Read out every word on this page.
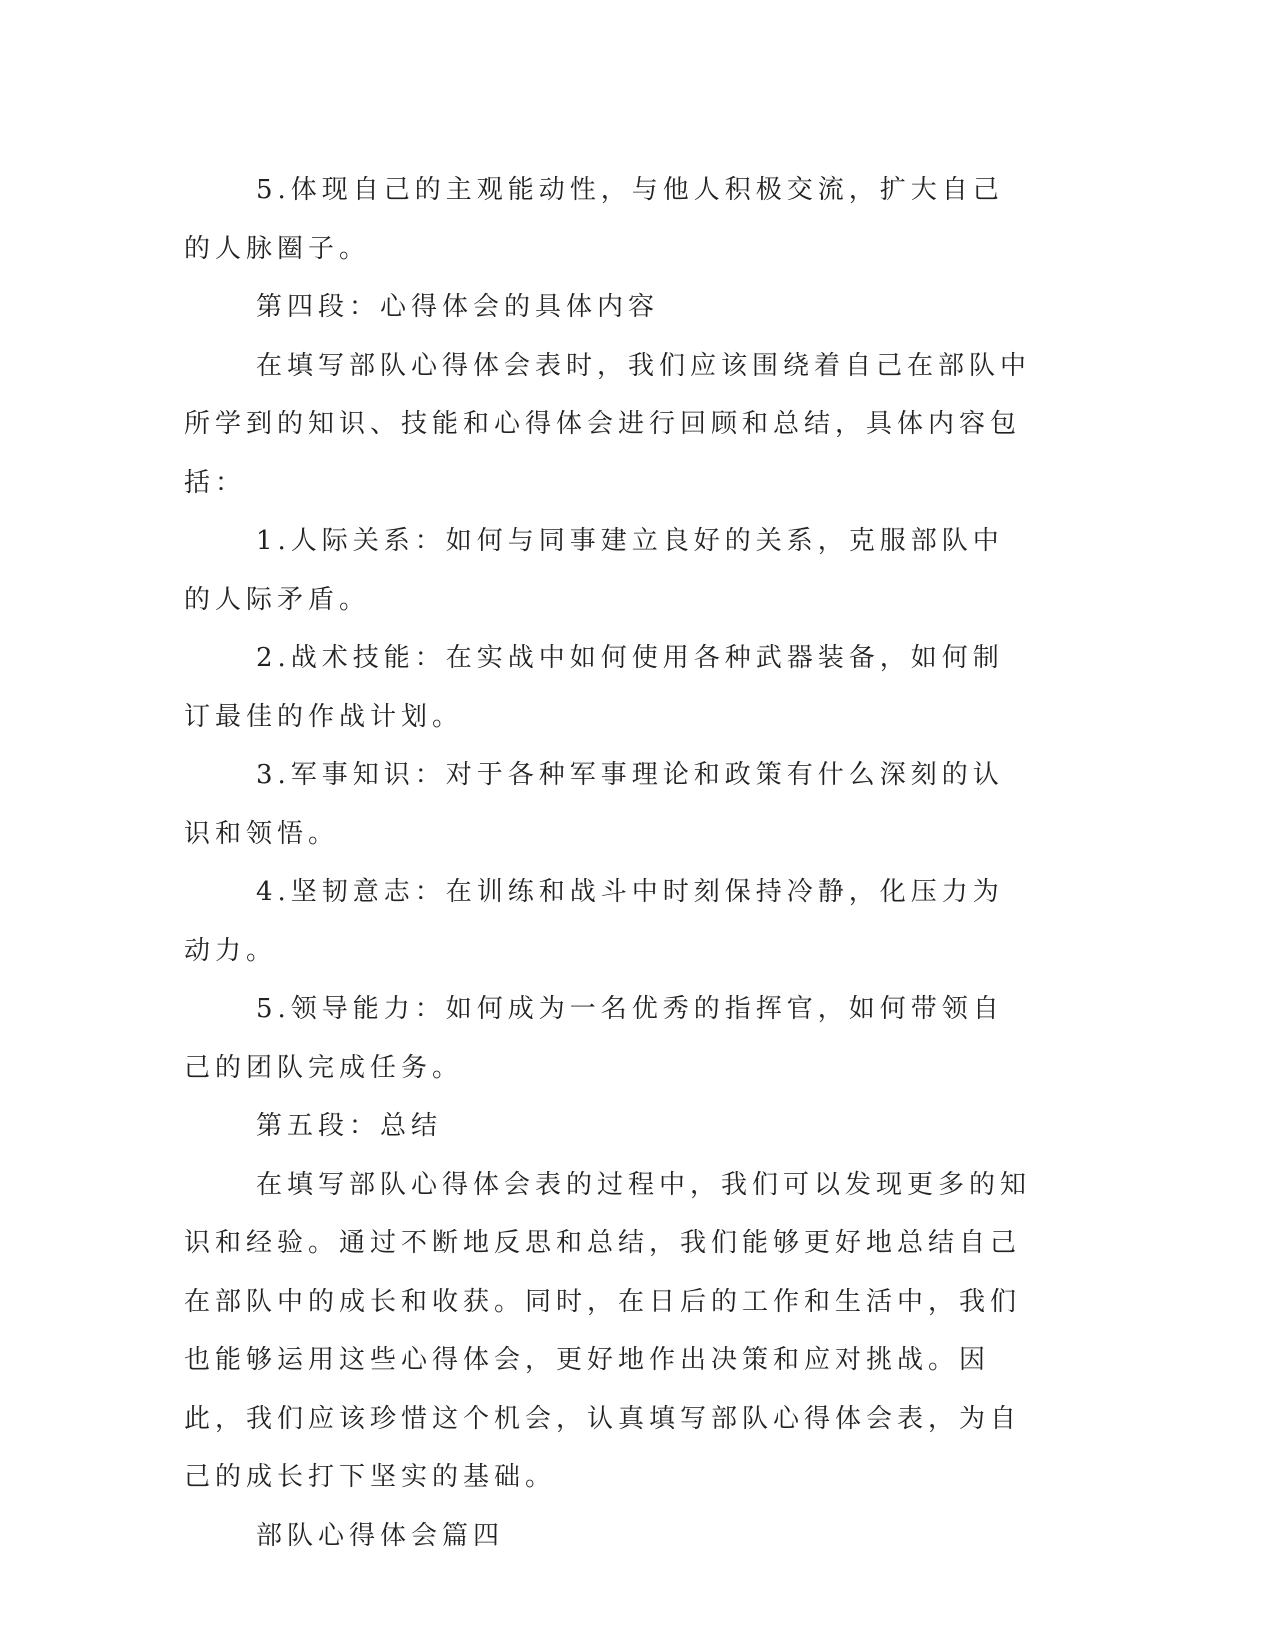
5.体现自己的主观能动性，与他人积极交流，扩大自己的人脉圈子。

第四段：心得体会的具体内容

在填写部队心得体会表时，我们应该围绕着自己在部队中所学到的知识、技能和心得体会进行回顾和总结，具体内容包括：

1.人际关系：如何与同事建立良好的关系，克服部队中的人际矛盾。

2.战术技能：在实战中如何使用各种武器装备，如何制订最佳的作战计划。

3.军事知识：对于各种军事理论和政策有什么深刻的认识和领悟。

4.坚韧意志：在训练和战斗中时刻保持冷静，化压力为动力。

5.领导能力：如何成为一名优秀的指挥官，如何带领自己的团队完成任务。

第五段：总结

在填写部队心得体会表的过程中，我们可以发现更多的知识和经验。通过不断地反思和总结，我们能够更好地总结自己在部队中的成长和收获。同时，在日后的工作和生活中，我们也能够运用这些心得体会，更好地作出决策和应对挑战。因此，我们应该珍惜这个机会，认真填写部队心得体会表，为自己的成长打下坚实的基础。

部队心得体会篇四
